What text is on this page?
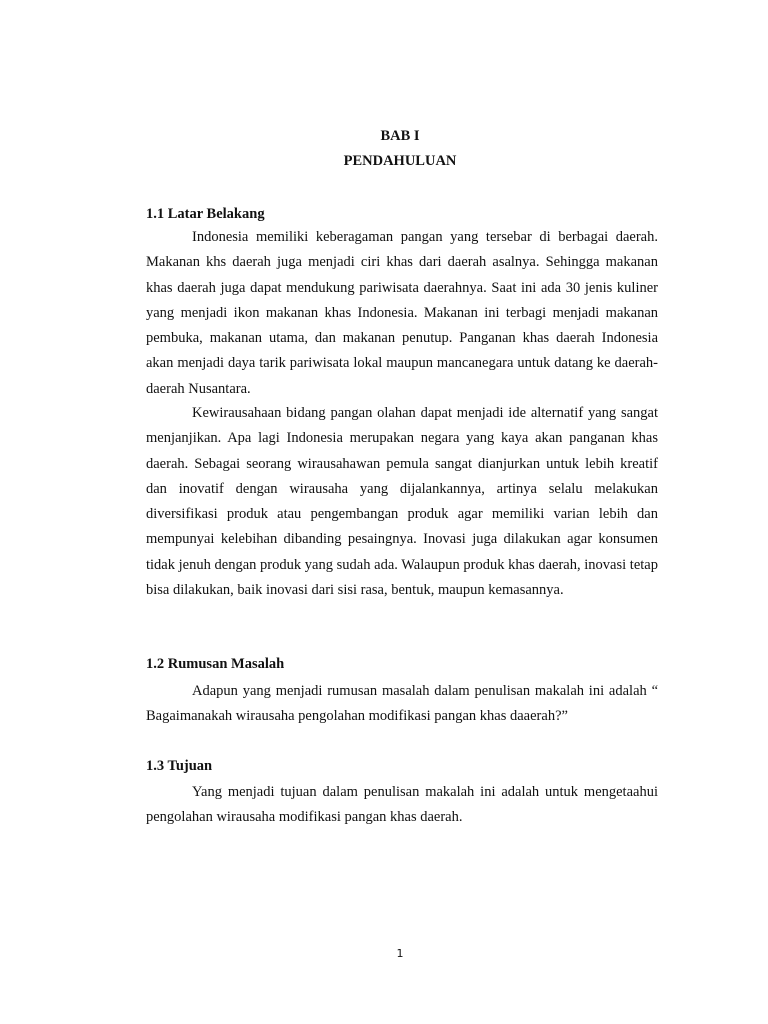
BAB I
PENDAHULUAN
1.1 Latar Belakang

Indonesia memiliki keberagaman pangan yang tersebar di berbagai daerah. Makanan khs daerah juga menjadi ciri khas dari daerah asalnya. Sehingga makanan khas daerah juga dapat mendukung pariwisata daerahnya. Saat ini ada 30 jenis kuliner yang menjadi ikon makanan khas Indonesia. Makanan ini terbagi menjadi makanan pembuka, makanan utama, dan makanan penutup. Panganan khas daerah Indonesia akan menjadi daya tarik pariwisata lokal maupun mancanegara untuk datang ke daerah-daerah Nusantara.

Kewirausahaan bidang pangan olahan dapat menjadi ide alternatif yang sangat menjanjikan. Apa lagi Indonesia merupakan negara yang kaya akan panganan khas daerah. Sebagai seorang wirausahawan pemula sangat dianjurkan untuk lebih kreatif dan inovatif dengan wirausaha yang dijalankannya, artinya selalu melakukan diversifikasi produk atau pengembangan produk agar memiliki varian lebih dan mempunyai kelebihan dibanding pesaingnya. Inovasi juga dilakukan agar konsumen tidak jenuh dengan produk yang sudah ada. Walaupun produk khas daerah, inovasi tetap bisa dilakukan, baik inovasi dari sisi rasa, bentuk, maupun kemasannya.

1.2 Rumusan Masalah

Adapun yang menjadi rumusan masalah dalam penulisan makalah ini adalah “ Bagaimanakah wirausaha pengolahan modifikasi pangan khas daaerah?”

1.3 Tujuan

Yang menjadi tujuan dalam penulisan makalah ini adalah untuk mengetaahui pengolahan wirausaha modifikasi pangan khas daerah.

1
